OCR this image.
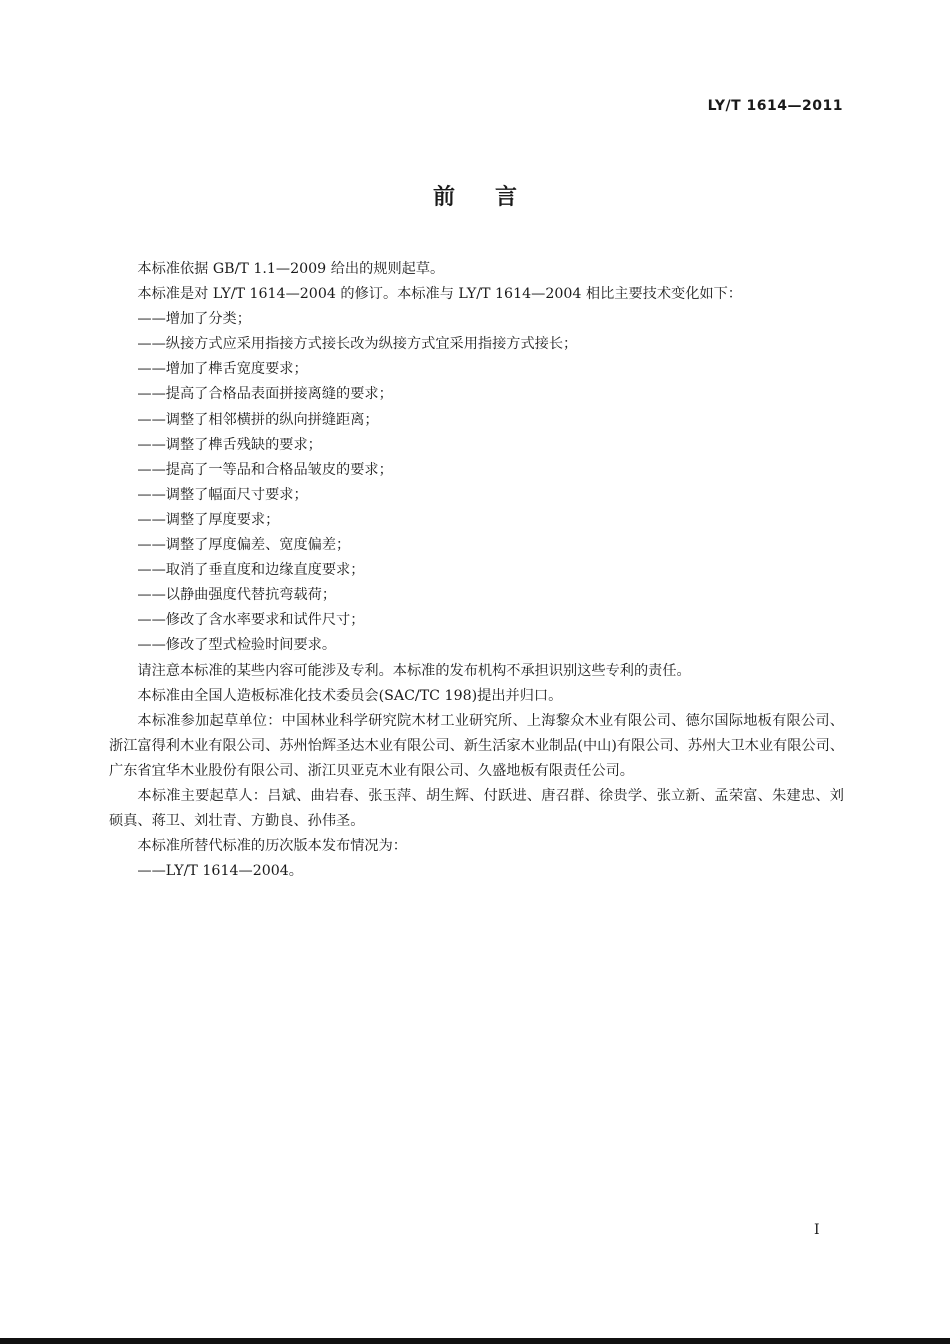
LY/T 1614—2011
前言

本标准依据 GB/T 1.1—2009 给出的规则起草。

本标准是对 LY/T 1614—2004 的修订。本标准与 LY/T 1614—2004 相比主要技术变化如下：

——增加了分类；

——纵接方式应采用指接方式接长改为纵接方式宜采用指接方式接长；

——增加了榫舌宽度要求；

——提高了合格品表面拼接离缝的要求；

——调整了相邻横拼的纵向拼缝距离；

——调整了榫舌残缺的要求；

——提高了一等品和合格品皱皮的要求；

——调整了幅面尺寸要求；

——调整了厚度要求；

——调整了厚度偏差、宽度偏差；

——取消了垂直度和边缘直度要求；

——以静曲强度代替抗弯载荷；

——修改了含水率要求和试件尺寸；

——修改了型式检验时间要求。

请注意本标准的某些内容可能涉及专利。本标准的发布机构不承担识别这些专利的责任。

本标准由全国人造板标准化技术委员会(SAC/TC 198)提出并归口。

本标准参加起草单位：中国林业科学研究院木材工业研究所、上海黎众木业有限公司、德尔国际地板有限公司、浙江富得利木业有限公司、苏州怡辉圣达木业有限公司、新生活家木业制品(中山)有限公司、苏州大卫木业有限公司、广东省宜华木业股份有限公司、浙江贝亚克木业有限公司、久盛地板有限责任公司。

本标准主要起草人：吕斌、曲岩春、张玉萍、胡生辉、付跃进、唐召群、徐贵学、张立新、孟荣富、朱建忠、刘硕真、蒋卫、刘壮青、方勤良、孙伟圣。

本标准所替代标准的历次版本发布情况为：

——LY/T 1614—2004。

I
